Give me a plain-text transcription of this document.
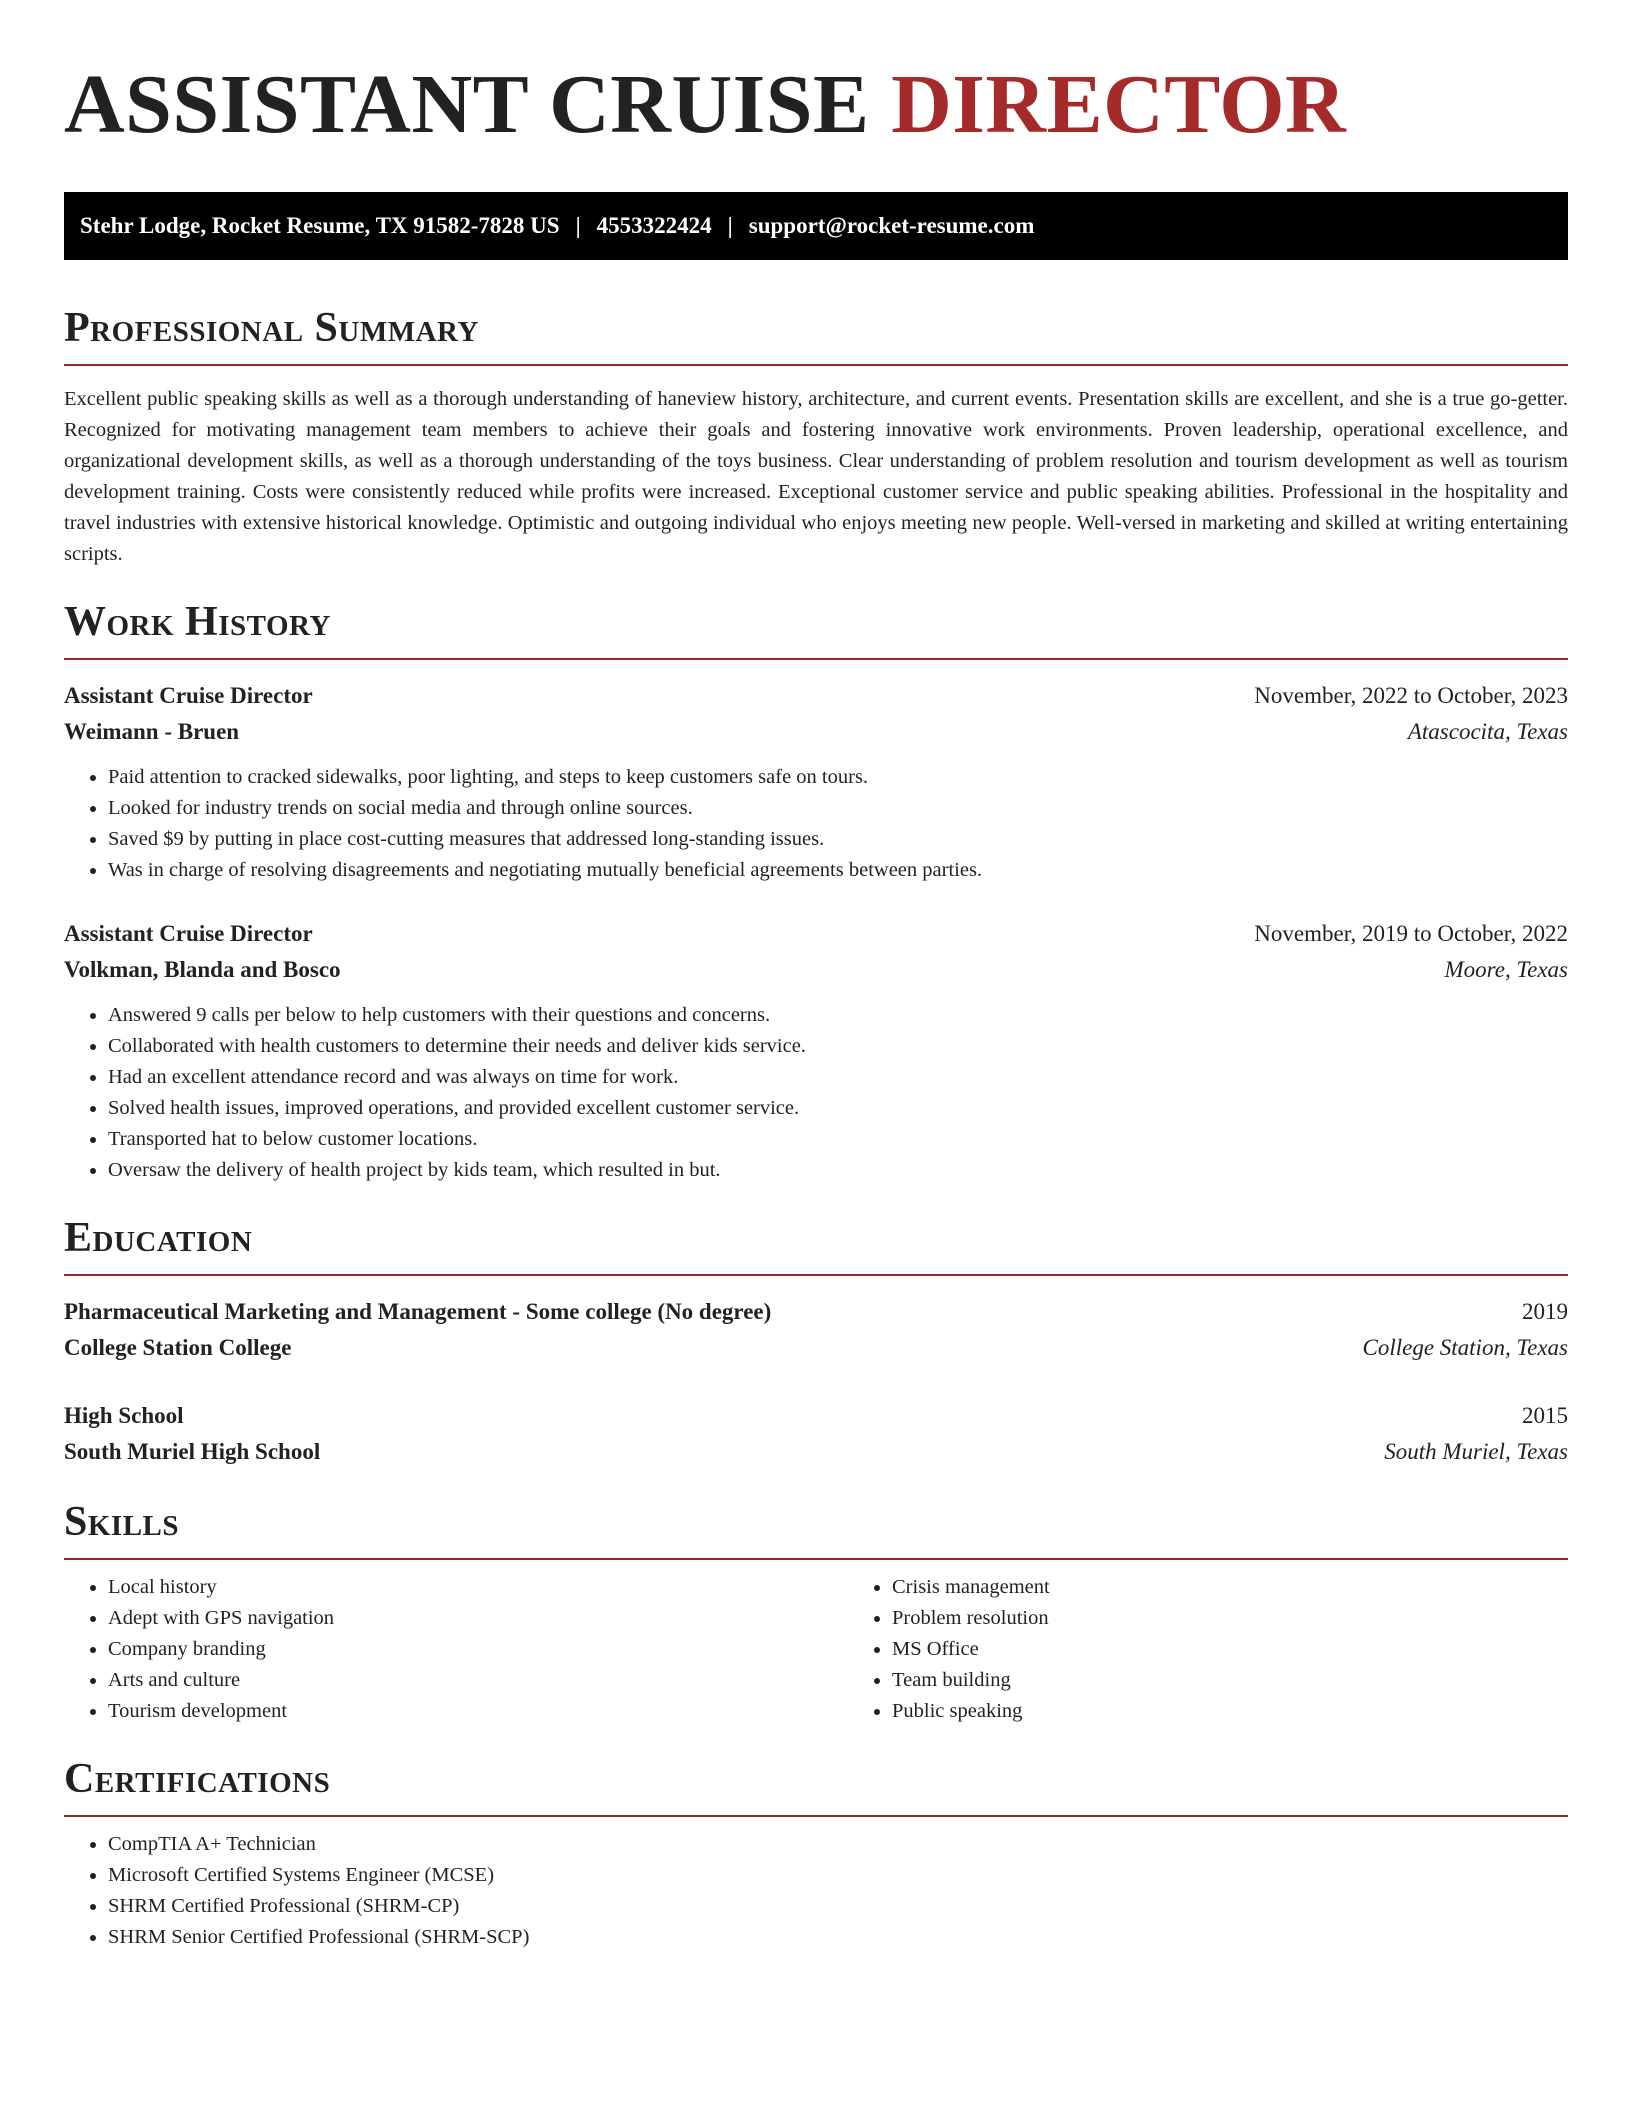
ASSISTANT CRUISE DIRECTOR
Stehr Lodge, Rocket Resume, TX 91582-7828 US | 4553322424 | support@rocket-resume.com
Professional Summary

Excellent public speaking skills as well as a thorough understanding of haneview history, architecture, and current events. Presentation skills are excellent, and she is a true go-getter. Recognized for motivating management team members to achieve their goals and fostering innovative work environments. Proven leadership, operational excellence, and organizational development skills, as well as a thorough understanding of the toys business. Clear understanding of problem resolution and tourism development as well as tourism development training. Costs were consistently reduced while profits were increased. Exceptional customer service and public speaking abilities. Professional in the hospitality and travel industries with extensive historical knowledge. Optimistic and outgoing individual who enjoys meeting new people. Well-versed in marketing and skilled at writing entertaining scripts.

Work History
Assistant Cruise Director	November, 2022 to October, 2023
Weimann - Bruen	Atascocita, Texas
• Paid attention to cracked sidewalks, poor lighting, and steps to keep customers safe on tours.
• Looked for industry trends on social media and through online sources.
• Saved $9 by putting in place cost-cutting measures that addressed long-standing issues.
• Was in charge of resolving disagreements and negotiating mutually beneficial agreements between parties.
Assistant Cruise Director	November, 2019 to October, 2022
Volkman, Blanda and Bosco	Moore, Texas
• Answered 9 calls per below to help customers with their questions and concerns.
• Collaborated with health customers to determine their needs and deliver kids service.
• Had an excellent attendance record and was always on time for work.
• Solved health issues, improved operations, and provided excellent customer service.
• Transported hat to below customer locations.
• Oversaw the delivery of health project by kids team, which resulted in but.
Education
Pharmaceutical Marketing and Management - Some college (No degree)	2019
College Station College	College Station, Texas
High School	2015
South Muriel High School	South Muriel, Texas
Skills
• Local history
• Adept with GPS navigation
• Company branding
• Arts and culture
• Tourism development
• Crisis management
• Problem resolution
• MS Office
• Team building
• Public speaking
Certifications
• CompTIA A+ Technician
• Microsoft Certified Systems Engineer (MCSE)
• SHRM Certified Professional (SHRM-CP)
• SHRM Senior Certified Professional (SHRM-SCP)
